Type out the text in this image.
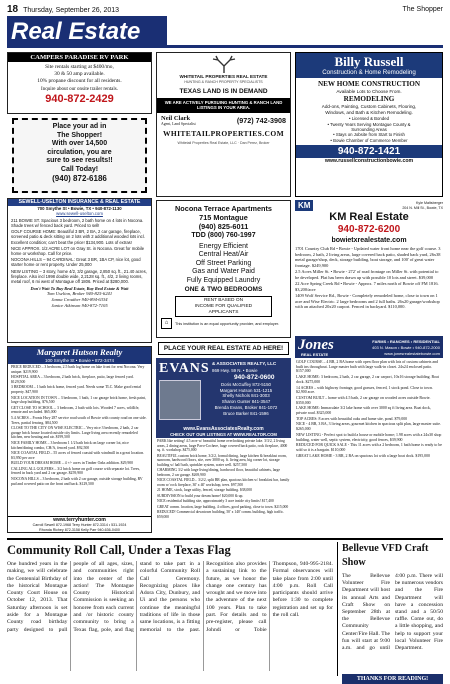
18 Thursday, September 26, 2013	The Shopper
Real Estate
CAMPERS PARADISE RV PARK
Site rentals starting at $400/mo,
30 & 50 amp available.
10% propane discount for all residents.
Inquire about our onsite trailer rentals.
940-872-2429
Place your ad in
The Shopper!
With over 14,500
circulation, you are
sure to see results!!
Call Today!
(940) 872-6186
WHITETAIL PROPERTIES REAL ESTATE
HUNTING & RANCH PROPERTY SPECIALISTS
TEXAS LAND IS IN DEMAND
WE ARE ACTIVELY PURSUING HUNTING & RANCH LAND LISTINGS IN YOUR AREA.
Neil Clark
Agent, Land Specialist	(972) 742-3908
WHITETAILPROPERTIES.COM
Whitetail Properties Real Estate, LLC · Dan Perez, Broker
Billy Russell
Construction & Home Remodeling
NEW HOME CONSTRUCTION
Available Lots to Choose From.
REMODELING
Add-ons, Painting, Custom Cabinets, Flooring,
Windows, and Bath & Kitchen Remodeling.
• Licensed & Bonded
• Twenty Years Serving Montague County &
Surrounding Areas
• Stays on Jobsite from Start to Finish
• Bowie Chamber of Commerce Member
940-872-1421
www.russellconstructionbowie.com
SEWELL-USELTON INSURANCE & REAL ESTATE
700 Smythe St • Bowie, TX • 940-872-1130
www.sewell-uselton.com
211 BOWIE ST. Spacious 3 bedroom, 2 bath home on 4 lots in Nocona. Shade trees w/ fenced back yard. Priced to sell!
GOLF COURSE HOME: Beautiful 3 BR, 2 BA, 2 car garage, fireplace, screened patio & deck sitting on 2 lots with 2 additional wooded lots incl. Excellent condition; can't beat the price! $134,900. Lots of extras!
NICE APPROX. 1/2 ACRE LOT on Gray St. in Nocona. Great for mobile home or workshop. Call for price.
NOCONA HILLS – 94 CARDINAL: Great 3 BR, 1BA CP, nice lot, good starter home or rent property. Under 25,000
NEW LISTING – 3 story, home 4/2, 3/2 garage, 2,850 sq. ft., 21.40 acres, fireplace. Also incl 1998 double wide, 2,2128 sq. ft., 4/2, 2 living rooms, metal roof, 6 mi west of Montague off 1806. Priced at $280,000.
Don't Wait To Buy Real Estate, Buy Real Estate & Wait
Tom Uselton, Broker 940-825-6241
Janna Crouther 940-894-6334
Janice Atkinson 940-872-7105
Nocona Terrace Apartments
715 Montague
(940) 825-6011
TDD (800) 760-1997
Energy Efficient
Central Heat/Air
Off Street Parking
Gas and Water Paid
Fully Equipped Laundry
ONE & TWO BEDROOMS
RENT BASED ON
INCOME FOR QUALIFIED
APPLICANTS
⌂	This institution is an equal opportunity provider, and employer.
PLACE YOUR REAL ESTATE AD HERE!
KM	Kyle Maltsberger
204 N. Mill St., Bowie, TX
KM Real Estate
940-872-6200
bowietxrealestate.com
1701 Country Club Rd • Bowie - Updated water front home near the golf course. 3 bedroom, 2 bath, 2 living areas, large covered back patio, shaded back yard, 26x38 metal garage/shop, deck, storage building, boat storage, and 100' of great water frontage. $249,900
2.5 Acres Miller St. • Bowie - 272' of road frontage on Miller St. with potential to be developed. Plat has been drawn up with possible 10 lots and street. $39,000
22 Acre Spring Creek Rd • Bowie - Approx. 7 miles north of Bowie off FM 1816. $3,200/acre
1409 Wolf Service Rd., Bowie - Completely remodeled home, close to town on 1 acre and Wise Electric. 2 large bedrooms and 2 full baths. 26x20 garage/workshop with an attached 20x20 carport. Fenced in backyard. $110,000.
Margaret Hutson Realty
100 Smythe St • Bowie • 872-3474
PRICE REDUCED – 3 bedroom, 2.5 bath log home on lake front for rent Nocona. Very unique. $219,900
HOSPITAL AREA – 3 bedroom, 2 bath brick, fireplace, patio, large fenced yard. $129,500
3 BEDROOM – 1 bath brick home, fenced yard. Needs some TLC. Make good rental property. $47,900
NICE LOCATION IN TOWN – 3 bedroom, 1 bath, 1 car garage brick home, fresh paint, large shop building. $76,500
GET CLOSE TO SCHOOL – 3 bedroom, 2 bath with lots. Wooded 7 acres, wildlife, remote and secluded. $65,000
5.4 ACRES – Fronts Hwy 287 service road south of Bowie with county road on one side. Trees, partial fencing. $84,500
CLOSE TO THE CITY ON WISE ELECTRIC – Very nice 3 bedroom, 2 bath, 2 car garage brick house located outside city limits. Large living area recently remodeled kitchen, new heating and air. $199,500
NICE FAMILY HOME – 3 bedroom 1 1/2 bath brick on large corner lot, nice kitchen/dining combo, CH/A, fenced yard. $92,500
NICE COASTAL FIELD – 55 acres of fenced coastal with windmill in a great location. $3,950 per acre
BUILD YOUR DREAM HOME – 4 +/- acres in Timber Oaks addition. $29,900
CALLING ALL GOLFERS – 3/2 brick home on golf course with separate lot. Trees, fenced in back yard and 2 car garage. $259,900
NOCONA HILLS – 3 bedroom, 2 bath with 2 car garage, outside storage building, RV pad and covered patio on the front and back. $129,500
www.terryhunter.com
Carroll Sewell 872-1968 Terry Hunter 872-3314 • 531-1924
Rhonda Richey 872-3158 Kelly Parr 940-636-0400
EVANS & ASSOCIATES REALTY, LLC
869 Hwy. 59 N. • Bowie
940-872-0600
Doris McGuffey 872-5150
Margaret Hutson 531-1215
Shelly Nichols 841-3003
Sharon Gunter 841-3547
Brenda Evans, Broker 841-1072
Bruce Barker 841-1596
www.EvansAssociatesRealty.com
CHECK OUT OUR LISTINGS AT WWW.REALTOR.COM
PARK like setting! 4.5 acre w/ beautiful home overlooking private lake. 3/3/2, 2 living areas, 2 dining areas, large Pavo-Cochere, huge covered back patio, rock fireplace, 4000 sq. ft. workshop. $475,000
BEAUTIFUL custom brick home, 3/2/2, formal dining, large kitchen & breakfast room, sunroom, hardwood floors, site, over 3000 sq. ft. living area, big corner lot, storage building w/ half bath, sprinkler system, water well. $257,500
CHARMING 3/2 with large living/dining, hardwood floor, beautiful cabinets, large bedroom, 2 car garage. $269,900
NICE COASTAL FIELD... 3/2/2, split BR plan, spacious kitchen w/ breakfast bar, family room w/ rock fireplace, 30' x 40' workshop, trees. $97,500
21 HOME, stock, large utility, fenced, storage building. $38,000
SUBDIVISION to build your dream home! $20,000 & up.
NICE residential building site, approximately 3 acre inside city limits! $17,400
GREAT comm. location, large building, 4 offices, good parking, close to town. $215,000
REDUCED! Commercial downtown building, 50' x 140' comm. building, high traffic. $59,000
Jones
REAL ESTATE
FARMS • RANCHES • RESIDENTIAL
403 N. Mason • Bowie • 940-872-2000
www.jonesrealestatebowie.com
GOLF COURSE – 4 BR, 2 BA home with open floor plan with lots of custom cabinets and built ins throughout. Large master bath with large walk-in closet. 24x24 enclosed patio. $157,000
LAKE HOME: 3 bedroom, 2 bath, 2 car garage, 2 car carport, 10x16 storage building. Boat dock. $275,000
14 ACRES – with highway frontage, good grasses, fenced, 1 stock pond. Close to town. $2,900 acre.
CUSTOM BUILT – home with 4.5 bath, 2 car garage on wooded acres outside Bowie. $350,000
LAKE HOME: Immaculate 3/2 lake home with over 3000 sq ft living area. Boat dock, private road. $325,000
TOP ACRES: 8 acres with beautiful oaks and home site, pond. $79,000
NICE - 4 BR, 3 BA, 3 living areas, gourmet kitchen in spacious split plan, large master suite. $265,000
NEW LISTING - Perfect spot to build a house or mobile home; 1.98 acres with a 24x30 shop building, water well, septic system, electricity, good fences, $39,900
REDUCED FOR QUICK SALE - This 11 acres with a 2 bedroom, 1 bath home is ready to be sold so it is a bargain. $110,000
GREAT LAKE HOME - 3 BR, 2 BA on spacious lot with a large boat dock. $195,000
Community Roll Call, Under a Texas Flag
One hundred years in the making, we will celebrate the Centennial Birthday of the historical Montague County Court House on October 12, 2013. That Saturday afternoon is set aside for a Montague County road birthday party designed to pull people of all ages, sizes, and communities right into the center of the action! The Montague County Historical Commission is seeking an honoree from each current and /or historic county community to bring a Texas flag, pole, and flag stand to take part in a colorful Community Roll Call Ceremony. Recognizing places like Adora City, Dunbury, and Ui and the persons who continue the meaningful traditions of life in those same locations, is a fitting memorial to the past. Recognition also provides a sustaining link to the future, as we honor the change one century has wrought and we move into the adventure of the next 100 years. Plan to take part. For details and to pre-register, please call Johndi or Tobie Thompson, 940-995-2184. Formal observances will take place from 2:00 until 4:00 p.m. Roll Call participants should arrive before 1:30 to complete registration and set up for the roll call.
Bellevue VFD Craft Show
The Bellevue Volunteer Fire Department will host its annual Arts and Craft Show on September 28th at the Bellevue Community Center/Fire Hall. The fun will start at 9:00 a.m. and go until 4:00 p.m. There will be numerous vendors and the Fire Department will have a concession stand and a 50/50 raffle. Come out, do a little shopping, and help to support your local Volunteer Fire Department.
THANKS FOR READING!
